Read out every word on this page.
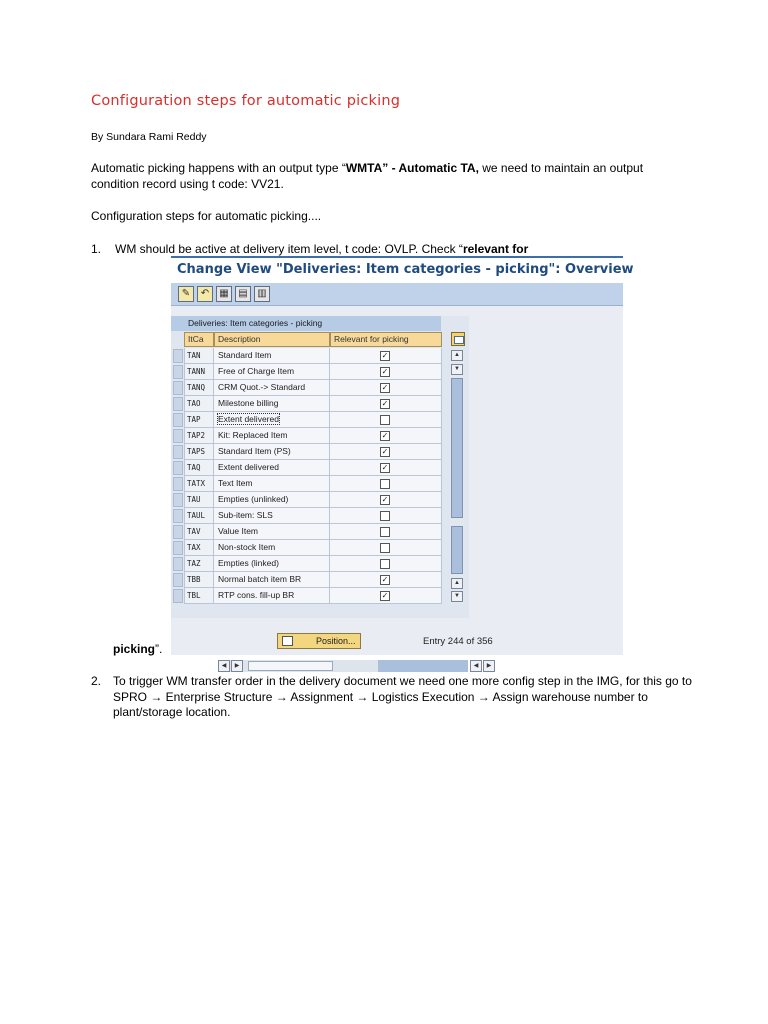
Configuration steps for automatic picking
By Sundara Rami Reddy
Automatic picking happens with an output type “WMTA” - Automatic TA, we need to maintain an output condition record using t code: VV21.
Configuration steps for automatic picking....
1. WM should be active at delivery item level, t code: OVLP. Check “relevant for
Change View "Deliveries: Item categories - picking": Overview
✎	↶	▦ ▤ ▥
Deliveries: Item categories - picking
ItCa	Description	Relevant for picking
TAN	Standard Item	✓
TANN	Free of Charge Item	✓
TANQ	CRM Quot.-> Standard	✓
TAO	Milestone billing	✓
TAP	Extent delivered
TAP2	Kit: Replaced Item	✓
TAPS	Standard Item (PS)	✓
TAQ	Extent delivered	✓
TATX	Text Item
TAU	Empties (unlinked)	✓
TAUL	Sub-item: SLS
TAV	Value Item
TAX	Non-stock Item
TAZ	Empties (linked)
TBB	Normal batch item BR	✓
TBL	RTP cons. fill-up BR	✓
▲
▼
▲
▼
◀	▶	◀	▶
Position...	Entry 244 of 356
picking”.
2. To trigger WM transfer order in the delivery document we need one more config step in the IMG, for this go to SPRO → Enterprise Structure → Assignment → Logistics Execution → Assign warehouse number to plant/storage location.
